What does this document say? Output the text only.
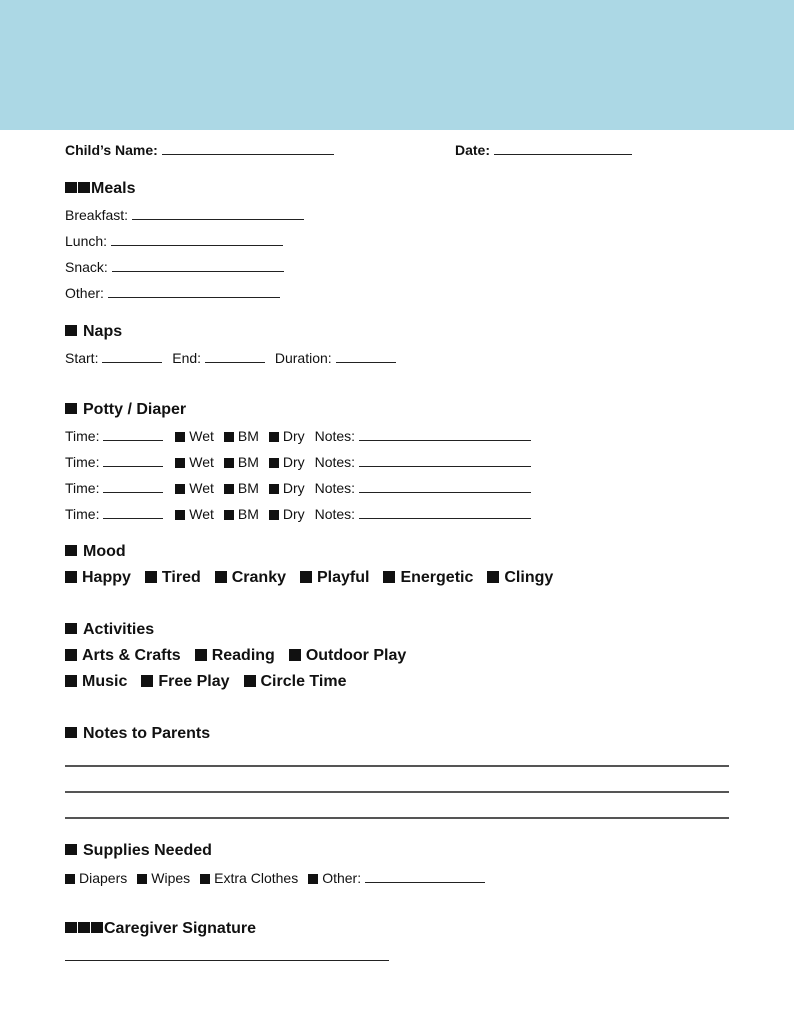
Child’s Name:	Date:
Meals
Breakfast:
Lunch:
Snack:
Other:
Naps
Start:	End:	Duration:
Potty / Diaper
Time:	Wet BM Dry Notes:
Time:	Wet BM Dry Notes:
Time:	Wet BM Dry Notes:
Time:	Wet BM Dry Notes:
Mood
Happy Tired Cranky Playful Energetic Clingy
Activities
Arts & Crafts Reading Outdoor Play
Music Free Play Circle Time
Notes to Parents
Supplies Needed
Diapers Wipes Extra Clothes Other:
Caregiver Signature
